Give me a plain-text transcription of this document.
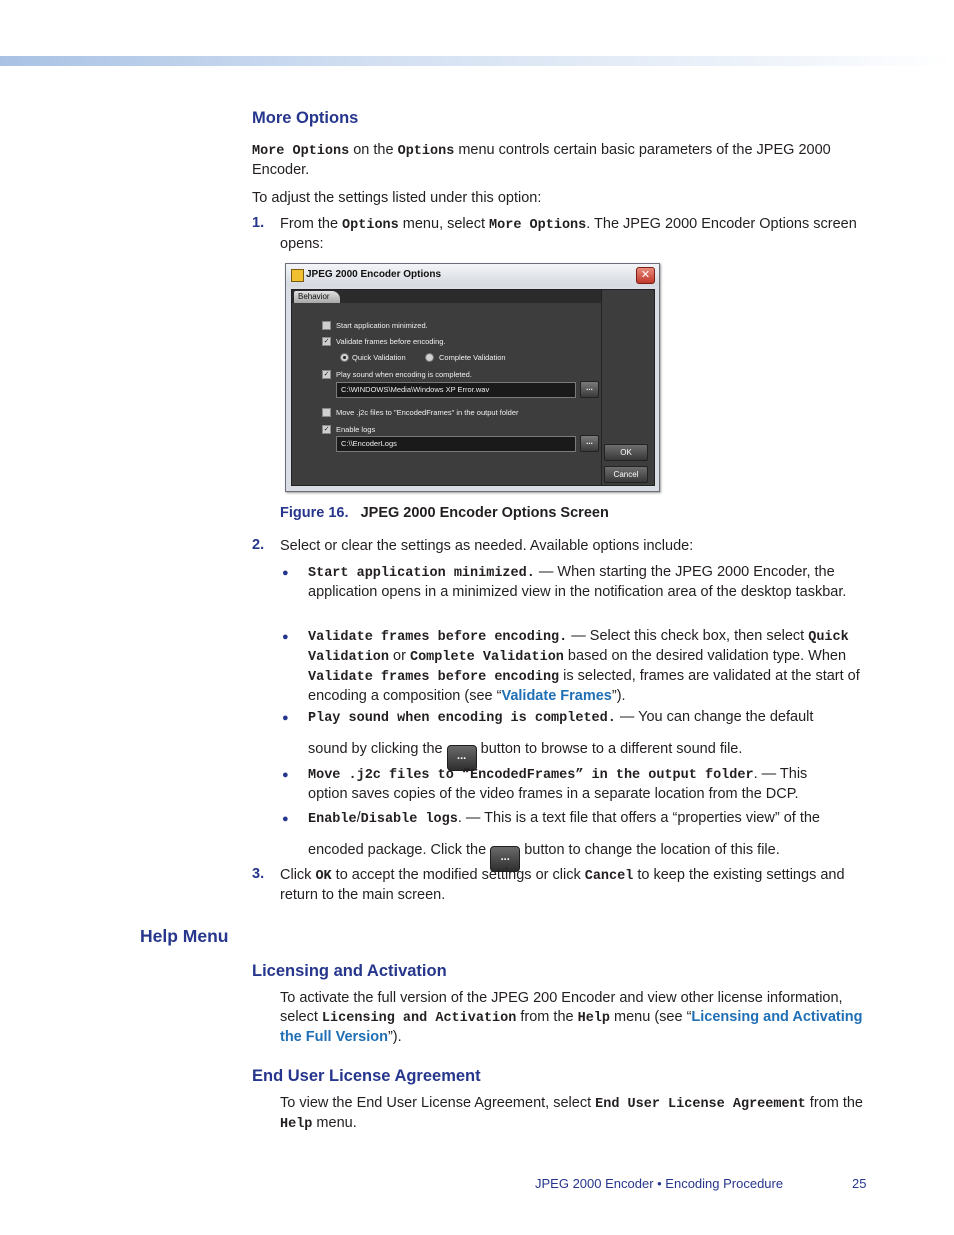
More Options

More Options on the Options menu controls certain basic parameters of the JPEG 2000 Encoder.

To adjust the settings listed under this option:

1. From the Options menu, select More Options. The JPEG 2000 Encoder Options screen opens:

JPEG 2000 Encoder Options	✕
Behavior
Start application minimized.
✓ Validate frames before encoding.
Quick Validation	Complete Validation
✓ Play sound when encoding is completed.
C:\WINDOWS\Media\Windows XP Error.wav	...
Move .j2c files to "EncodedFrames" in the output folder
✓ Enable logs
C:\\EncoderLogs	...
OK
Cancel

Figure 16. JPEG 2000 Encoder Options Screen

2. Select or clear the settings as needed. Available options include:

● Start application minimized. — When starting the JPEG 2000 Encoder, the application opens in a minimized view in the notification area of the desktop taskbar.

● Validate frames before encoding. — Select this check box, then select Quick Validation or Complete Validation based on the desired validation type. When Validate frames before encoding is selected, frames are validated at the start of encoding a composition (see “Validate Frames”).

● Play sound when encoding is completed. — You can change the default

sound by clicking the ... button to browse to a different sound file.

● Move .j2c files to “EncodedFrames” in the output folder. — This option saves copies of the video frames in a separate location from the DCP.

● Enable/Disable logs. — This is a text file that offers a “properties view” of the

encoded package. Click the ... button to change the location of this file.

3. Click OK to accept the modified settings or click Cancel to keep the existing settings and return to the main screen.

Help Menu
Licensing and Activation

To activate the full version of the JPEG 200 Encoder and view other license information, select Licensing and Activation from the Help menu (see “Licensing and Activating the Full Version”).

End User License Agreement

To view the End User License Agreement, select End User License Agreement from the Help menu.

JPEG 2000 Encoder • Encoding Procedure	25
